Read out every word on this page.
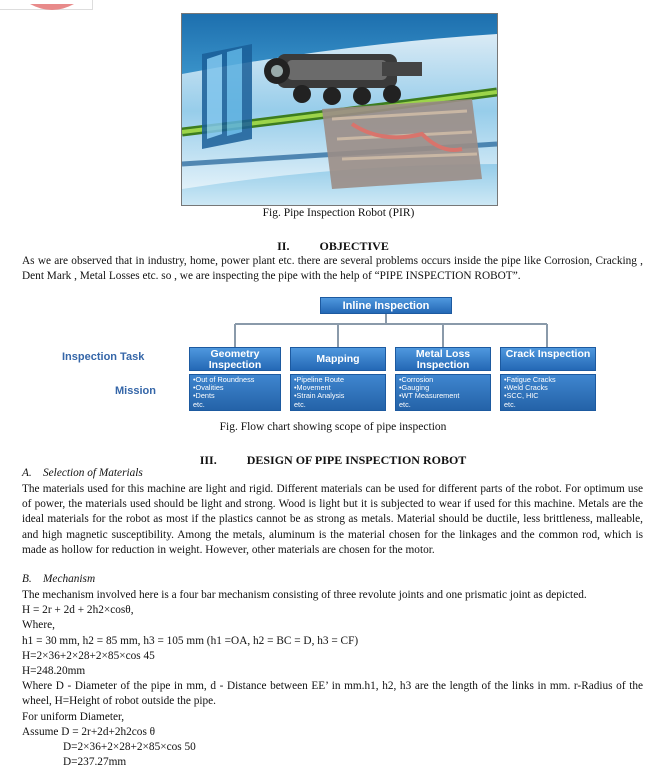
Fig. Pipe Inspection Robot (PIR)
II.	OBJECTIVE
As we are observed that in industry, home, power plant etc. there are several problems occurs inside the pipe like Corrosion, Cracking , Dent Mark , Metal Losses etc. so , we are inspecting the pipe with the help of “PIPE INSPECTION ROBOT”.
Inline Inspection
Inspection Task
Mission
Geometry Inspection	Mapping	Metal Loss Inspection
Crack Inspection
•Out of Roundness
•Ovalities
•Dents
etc.
•Pipeline Route
•Movement
•Strain Analysis
etc.
•Corrosion
•Gauging
•WT Measurement
etc.
•Fatigue Cracks
•Weld Cracks
•SCC, HIC
etc.
Fig. Flow chart showing scope of pipe inspection
III.	DESIGN OF PIPE INSPECTION ROBOT
A. Selection of Materials
The materials used for this machine are light and rigid. Different materials can be used for different parts of the robot. For optimum use of power, the materials used should be light and strong. Wood is light but it is subjected to wear if used for this machine. Metals are the ideal materials for the robot as most if the plastics cannot be as strong as metals. Material should be ductile, less brittleness, malleable, and high magnetic susceptibility. Among the metals, aluminum is the material chosen for the linkages and the common rod, which is made as hollow for reduction in weight. However, other materials are chosen for the motor.
B. Mechanism
The mechanism involved here is a four bar mechanism consisting of three revolute joints and one prismatic joint as depicted.
H = 2r + 2d + 2h2×cosθ,
Where,
h1 = 30 mm, h2 = 85 mm, h3 = 105 mm (h1 =OA, h2 = BC = D, h3 = CF)
H=2×36+2×28+2×85×cos 45
H=248.20mm
Where D - Diameter of the pipe in mm, d - Distance between EE’ in mm.h1, h2, h3 are the length of the links in mm. r-Radius of the wheel, H=Height of robot outside the pipe.
For uniform Diameter,
Assume D = 2r+2d+2h2cos θ
D=2×36+2×28+2×85×cos 50
D=237.27mm
